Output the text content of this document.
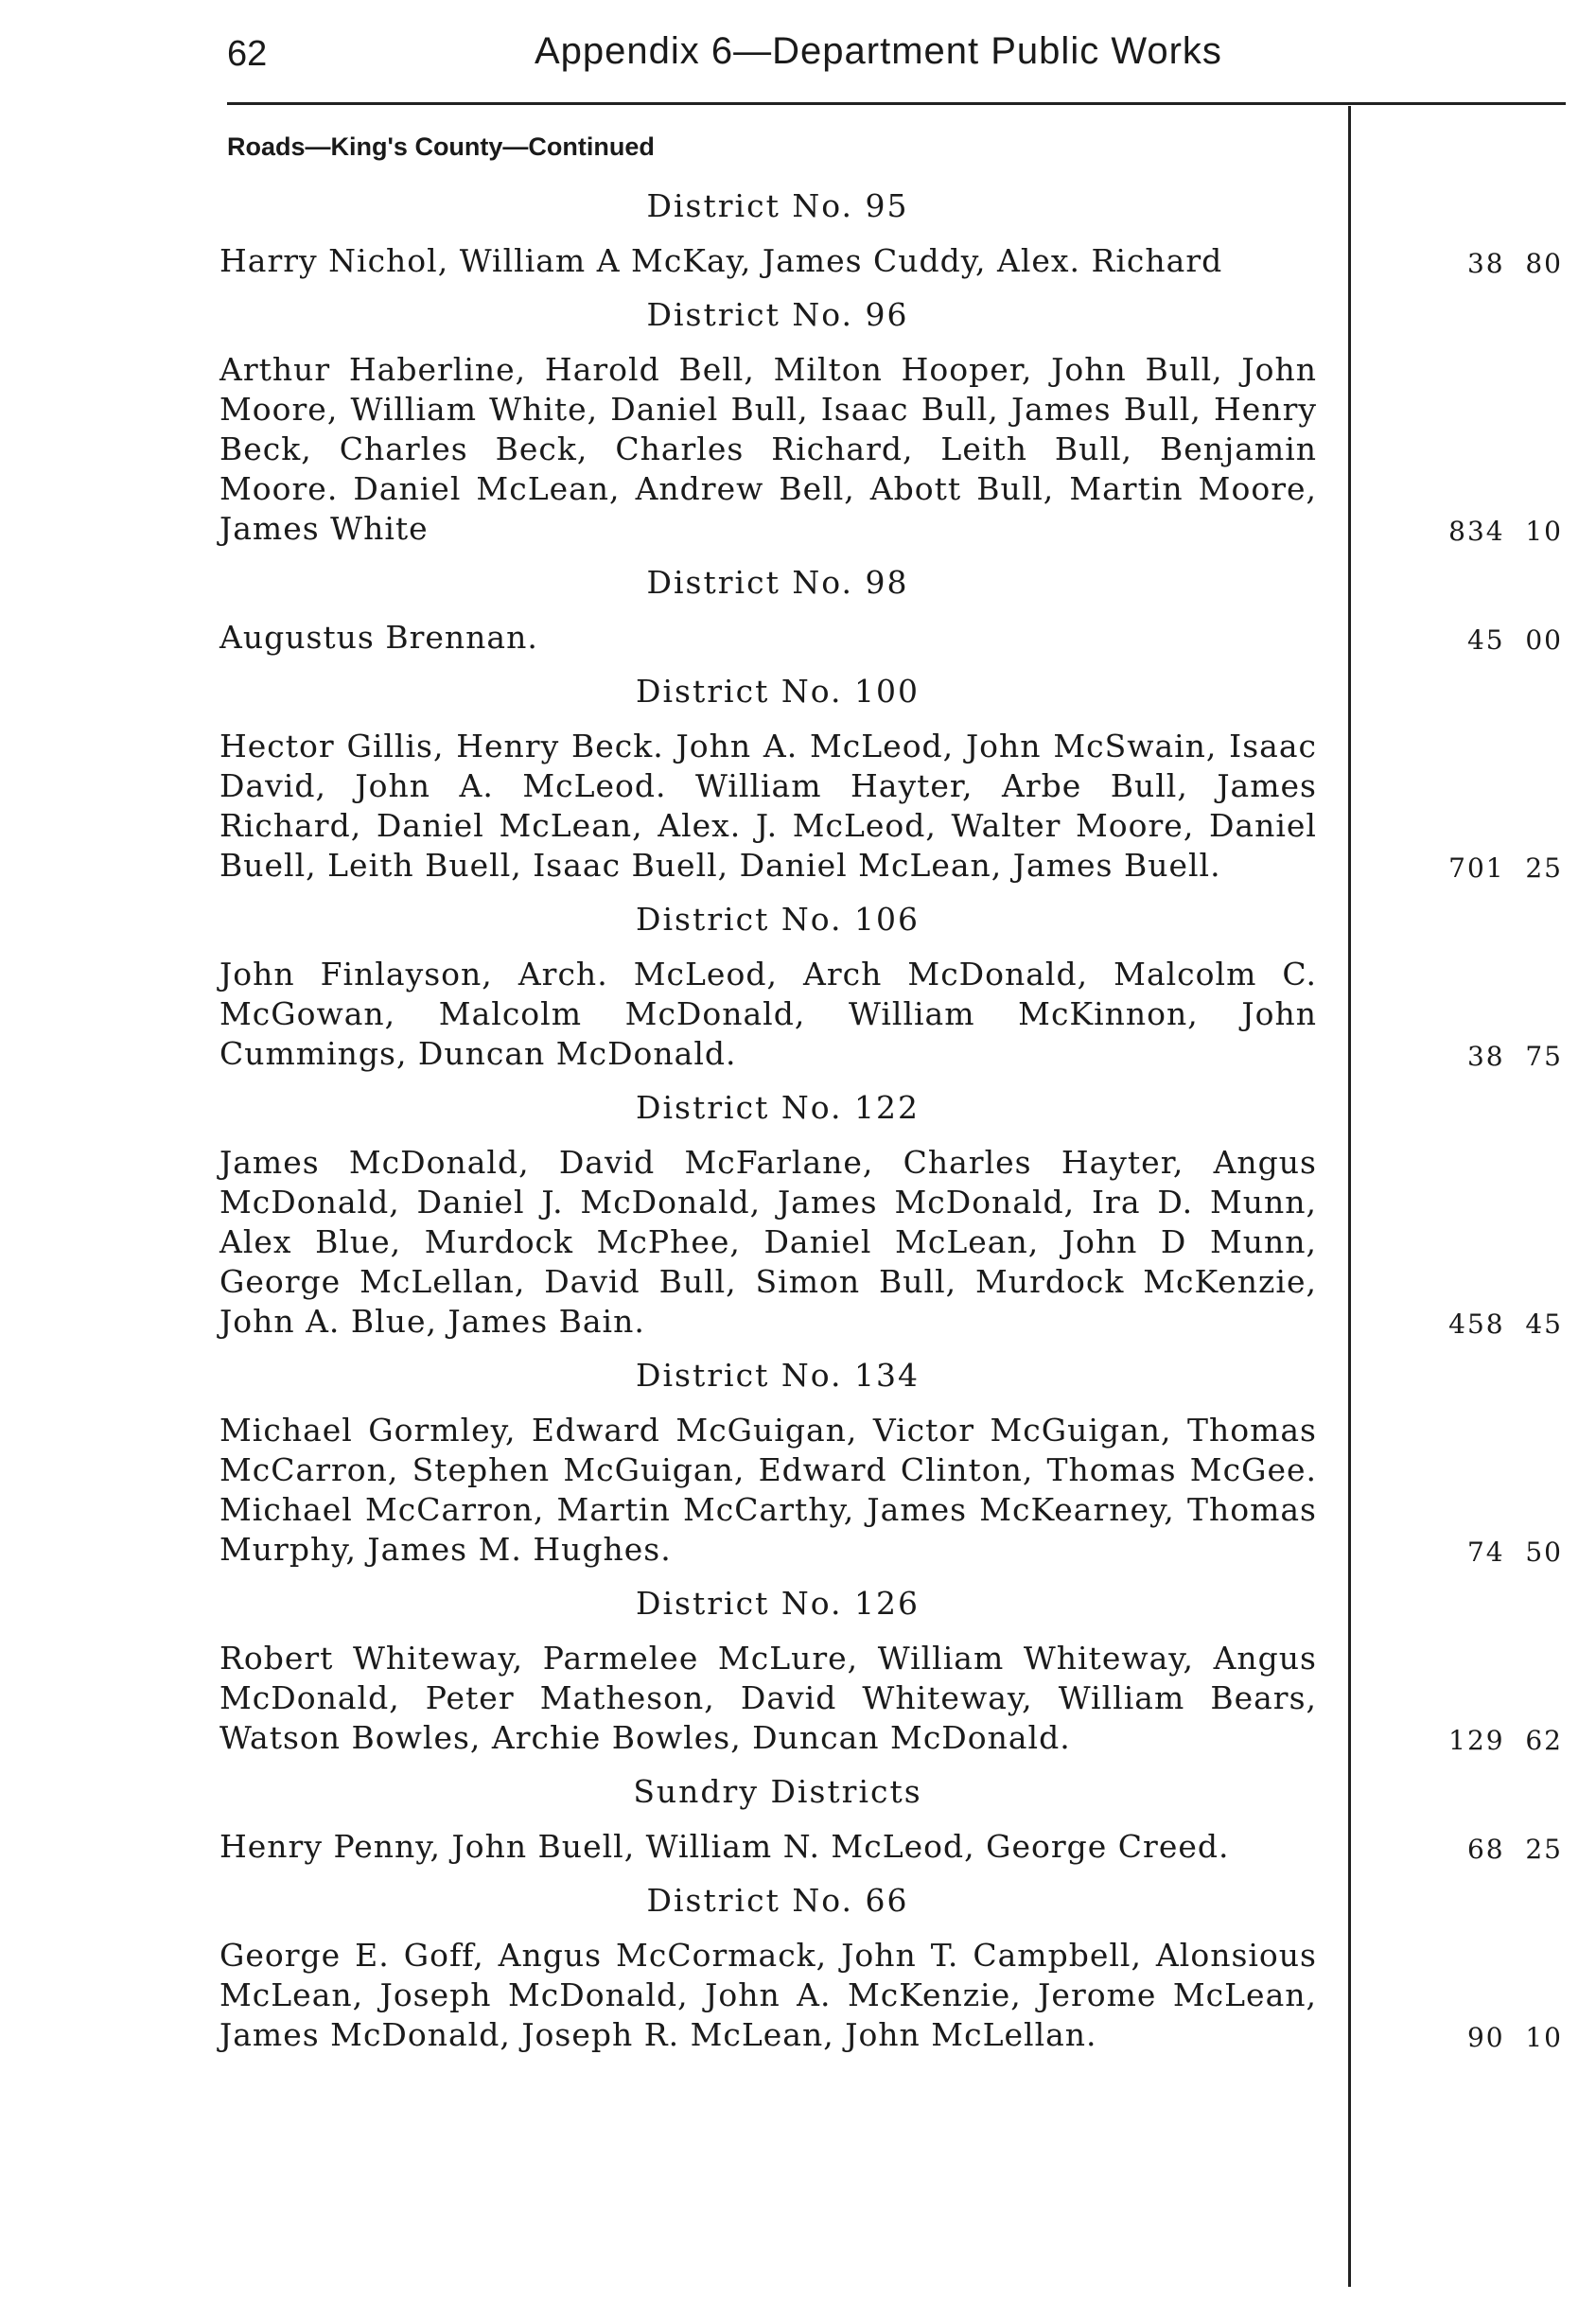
62	Appendix 6—Department Public Works
Roads—King's County—Continued
District No. 95
Harry Nichol, William A McKay, James Cuddy, Alex. Richard	38  80
District No. 96
Arthur Haberline, Harold Bell, Milton Hooper, John Bull, John Moore, William White, Daniel Bull, Isaac Bull, James Bull, Henry Beck, Charles Beck, Charles Richard, Leith Bull, Benjamin Moore. Daniel McLean, Andrew Bell, Abott Bull, Martin Moore, James White	834  10
District No. 98
Augustus Brennan.	45  00
District No. 100
Hector Gillis, Henry Beck. John A. McLeod, John McSwain, Isaac David, John A. McLeod. William Hayter, Arbe Bull, James Richard, Daniel McLean, Alex. J. McLeod, Walter Moore, Daniel Buell, Leith Buell, Isaac Buell, Daniel McLean, James Buell.	701  25
District No. 106
John Finlayson, Arch. McLeod, Arch McDonald, Malcolm C. McGowan, Malcolm McDonald, William McKinnon, John Cummings, Duncan McDonald.	38  75
District No. 122
James McDonald, David McFarlane, Charles Hayter, Angus McDonald, Daniel J. McDonald, James McDonald, Ira D. Munn, Alex Blue, Murdock McPhee, Daniel McLean, John D Munn, George McLellan, David Bull, Simon Bull, Murdock McKenzie, John A. Blue, James Bain.	458  45
District No. 134
Michael Gormley, Edward McGuigan, Victor McGuigan, Thomas McCarron, Stephen McGuigan, Edward Clinton, Thomas McGee. Michael McCarron, Martin McCarthy, James McKearney, Thomas Murphy, James M. Hughes.	74  50
District No. 126
Robert Whiteway, Parmelee McLure, William Whiteway, Angus McDonald, Peter Matheson, David Whiteway, William Bears, Watson Bowles, Archie Bowles, Duncan McDonald.	129  62
Sundry Districts
Henry Penny, John Buell, William N. McLeod, George Creed.	68  25
District No. 66
George E. Goff, Angus McCormack, John T. Campbell, Alonsious McLean, Joseph McDonald, John A. McKenzie, Jerome McLean, James McDonald, Joseph R. McLean, John McLellan.	90  10
